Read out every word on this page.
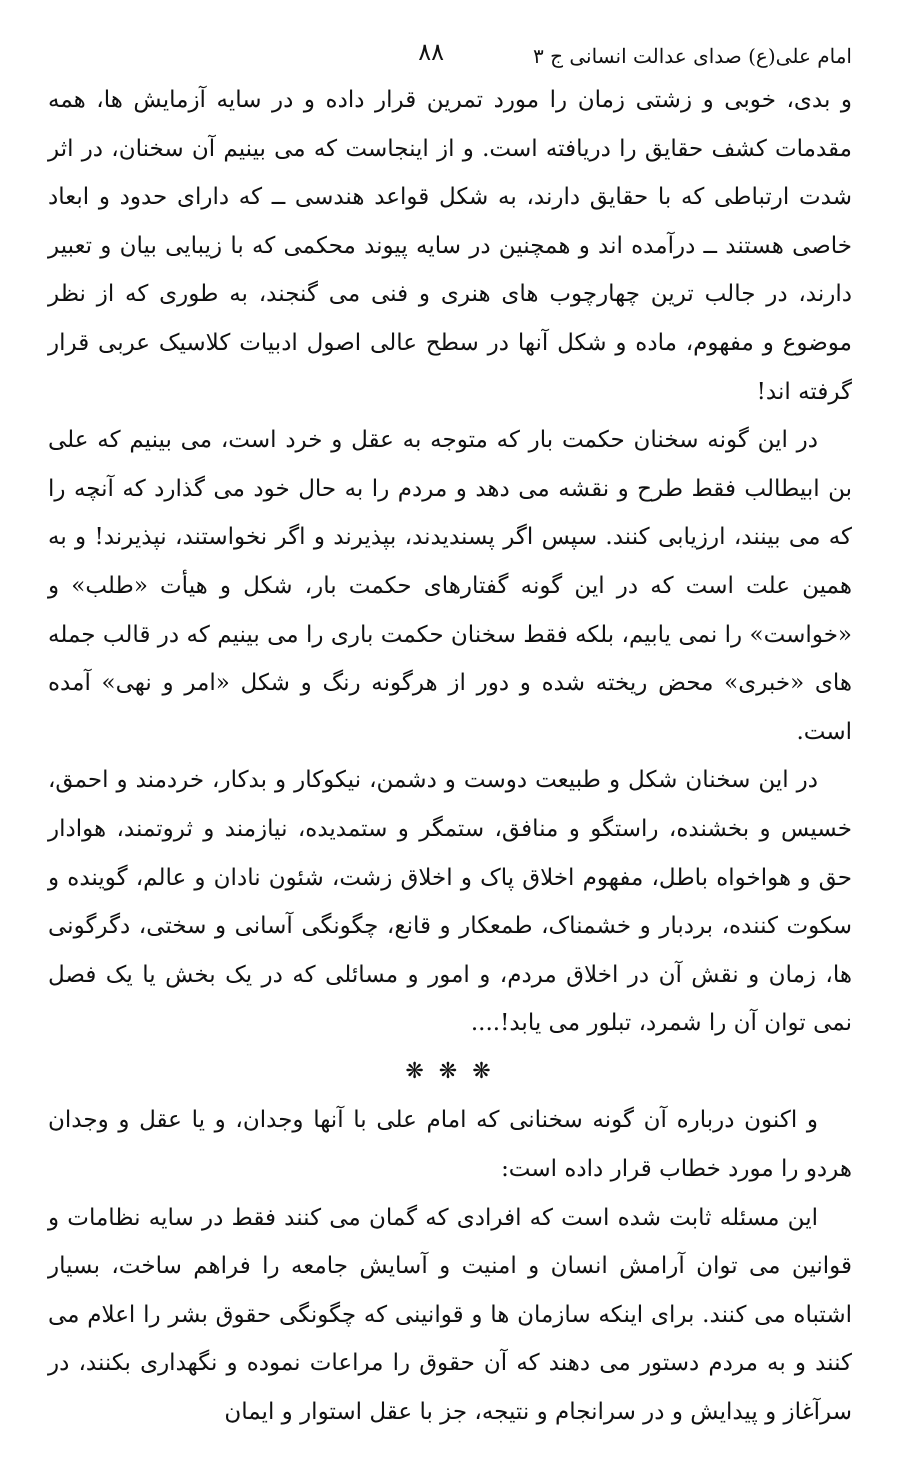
امام علی(ع) صدای عدالت انسانی ج ۳
۸۸

و بدی، خوبی و زشتی زمان را مورد تمرین قرار داده و در سایه آزمایش ها، همه مقدمات کشف حقایق را دریافته است. و از اینجاست که می بینیم آن سخنان، در اثر شدت ارتباطی که با حقایق دارند، به شکل قواعد هندسی ــ که دارای حدود و ابعاد خاصی هستند ــ درآمده اند و همچنین در سایه پیوند محکمی که با زیبایی بیان و تعبیر دارند، در جالب ترین چهارچوب های هنری و فنی می گنجند، به طوری که از نظر موضوع و مفهوم، ماده و شکل آنها در سطح عالی اصول ادبیات کلاسیک عربی قرار گرفته اند!

در این گونه سخنان حکمت بار که متوجه به عقل و خرد است، می بینیم که علی بن ابیطالب فقط طرح و نقشه می دهد و مردم را به حال خود می گذارد که آنچه را که می بینند، ارزیابی کنند. سپس اگر پسندیدند، بپذیرند و اگر نخواستند، نپذیرند! و به همین علت است که در این گونه گفتارهای حکمت بار، شکل و هیأت «طلب» و «خواست» را نمی یابیم، بلکه فقط سخنان حکمت باری را می بینیم که در قالب جمله های «خبری» محض ریخته شده و دور از هرگونه رنگ و شکل «امر و نهی» آمده است.

در این سخنان شکل و طبیعت دوست و دشمن، نیکوکار و بدکار، خردمند و احمق، خسیس و بخشنده، راستگو و منافق، ستمگر و ستمدیده، نیازمند و ثروتمند، هوادار حق و هواخواه باطل، مفهوم اخلاق پاک و اخلاق زشت، شئون نادان و عالم، گوینده و سکوت کننده، بردبار و خشمناک، طمعکار و قانع، چگونگی آسانی و سختی، دگرگونی ها، زمان و نقش آن در اخلاق مردم، و امور و مسائلی که در یک بخش یا یک فصل نمی توان آن را شمرد، تبلور می یابد!....

❋ ❋ ❋

و اکنون درباره آن گونه سخنانی که امام علی با آنها وجدان، و یا عقل و وجدان هردو را مورد خطاب قرار داده است:

این مسئله ثابت شده است که افرادی که گمان می کنند فقط در سایه نظامات و قوانین می توان آرامش انسان و امنیت و آسایش جامعه را فراهم ساخت، بسیار اشتباه می کنند. برای اینکه سازمان ها و قوانینی که چگونگی حقوق بشر را اعلام می کنند و به مردم دستور می دهند که آن حقوق را مراعات نموده و نگهداری بکنند، در سرآغاز و پیدایش و در سرانجام و نتیجه، جز با عقل استوار و ایمان
